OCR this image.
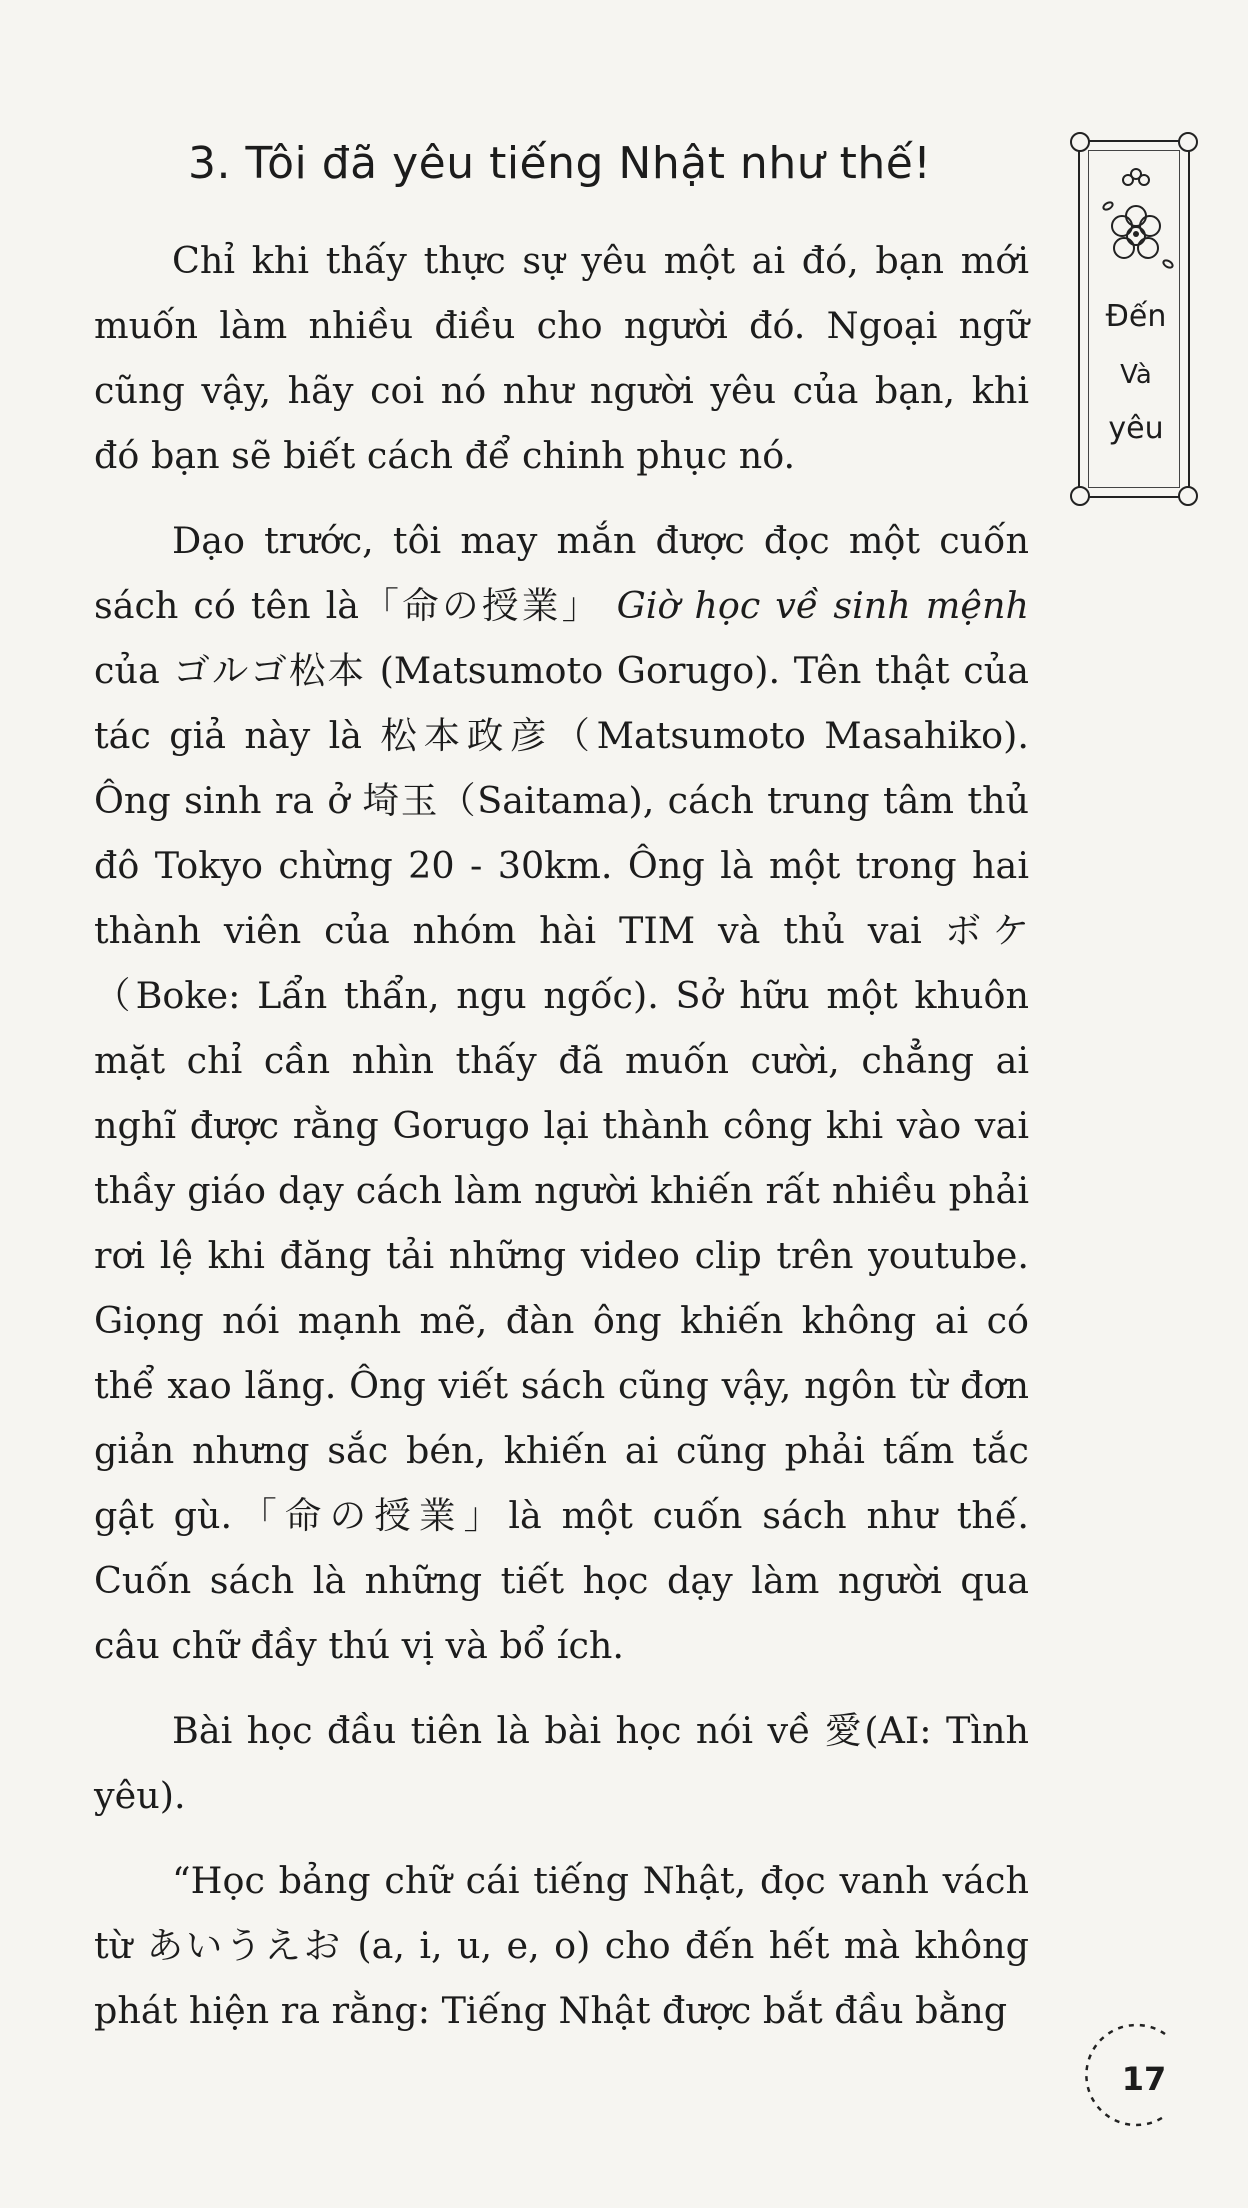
3. Tôi đã yêu tiếng Nhật như thế!
Đến
Và
yêu

Chỉ khi thấy thực sự yêu một ai đó, bạn mới muốn làm nhiều điều cho người đó. Ngoại ngữ cũng vậy, hãy coi nó như người yêu của bạn, khi đó bạn sẽ biết cách để chinh phục nó.

Dạo trước, tôi may mắn được đọc một cuốn sách có tên là「命の授業」 Giờ học về sinh mệnh của ゴルゴ松本 (Matsumoto Gorugo). Tên thật của tác giả này là 松本政彦（Matsumoto Masahiko). Ông sinh ra ở 埼玉（Saitama), cách trung tâm thủ đô Tokyo chừng 20 - 30km. Ông là một trong hai thành viên của nhóm hài TIM và thủ vai ボケ（Boke: Lẩn thẩn, ngu ngốc). Sở hữu một khuôn mặt chỉ cần nhìn thấy đã muốn cười, chẳng ai nghĩ được rằng Gorugo lại thành công khi vào vai thầy giáo dạy cách làm người khiến rất nhiều phải rơi lệ khi đăng tải những video clip trên youtube. Giọng nói mạnh mẽ, đàn ông khiến không ai có thể xao lãng. Ông viết sách cũng vậy, ngôn từ đơn giản nhưng sắc bén, khiến ai cũng phải tấm tắc gật gù.「命の授業」là một cuốn sách như thế. Cuốn sách là những tiết học dạy làm người qua câu chữ đầy thú vị và bổ ích.

Bài học đầu tiên là bài học nói về 愛(AI: Tình yêu).

“Học bảng chữ cái tiếng Nhật, đọc vanh vách từ あいうえお (a, i, u, e, o) cho đến hết mà không phát hiện ra rằng: Tiếng Nhật được bắt đầu bằng

17
